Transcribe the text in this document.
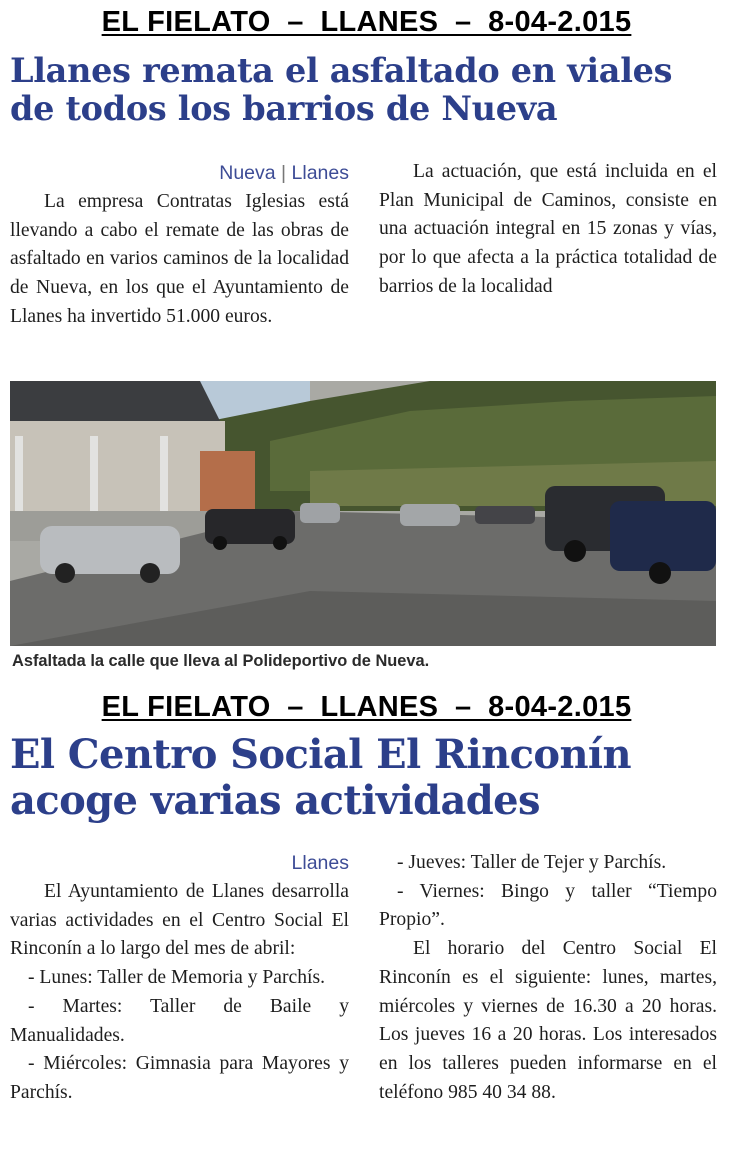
EL FIELATO  –  LLANES  –  8-04-2.015
Llanes remata el asfaltado en viales de todos los barrios de Nueva
Nueva | Llanes

La empresa Contratas Iglesias está llevando a cabo el remate de las obras de asfaltado en varios caminos de la localidad de Nueva, en los que el Ayuntamiento de Llanes ha invertido 51.000 euros.

La actuación, que está incluida en el Plan Municipal de Caminos, consiste en una actuación integral en 15 zonas y vías, por lo que afecta a la práctica totalidad de barrios de la localidad

Asfaltada la calle que lleva al Polideportivo de Nueva.

EL FIELATO  –  LLANES  –  8-04-2.015
El Centro Social El Rinconín acoge varias actividades
Llanes

El Ayuntamiento de Llanes desarrolla varias actividades en el Centro Social El Rinconín a lo largo del mes de abril:

- Lunes: Taller de Memoria y Parchís.

- Martes: Taller de Baile y Manualidades.

- Miércoles: Gimnasia para Mayores y Parchís.

- Jueves: Taller de Tejer y Parchís.

- Viernes: Bingo y taller “Tiempo Propio”.

El horario del Centro Social El Rinconín es el siguiente: lunes, martes, miércoles y viernes de 16.30 a 20 horas. Los jueves 16 a 20 horas. Los interesados en los talleres pueden informarse en el teléfono 985 40 34 88.
